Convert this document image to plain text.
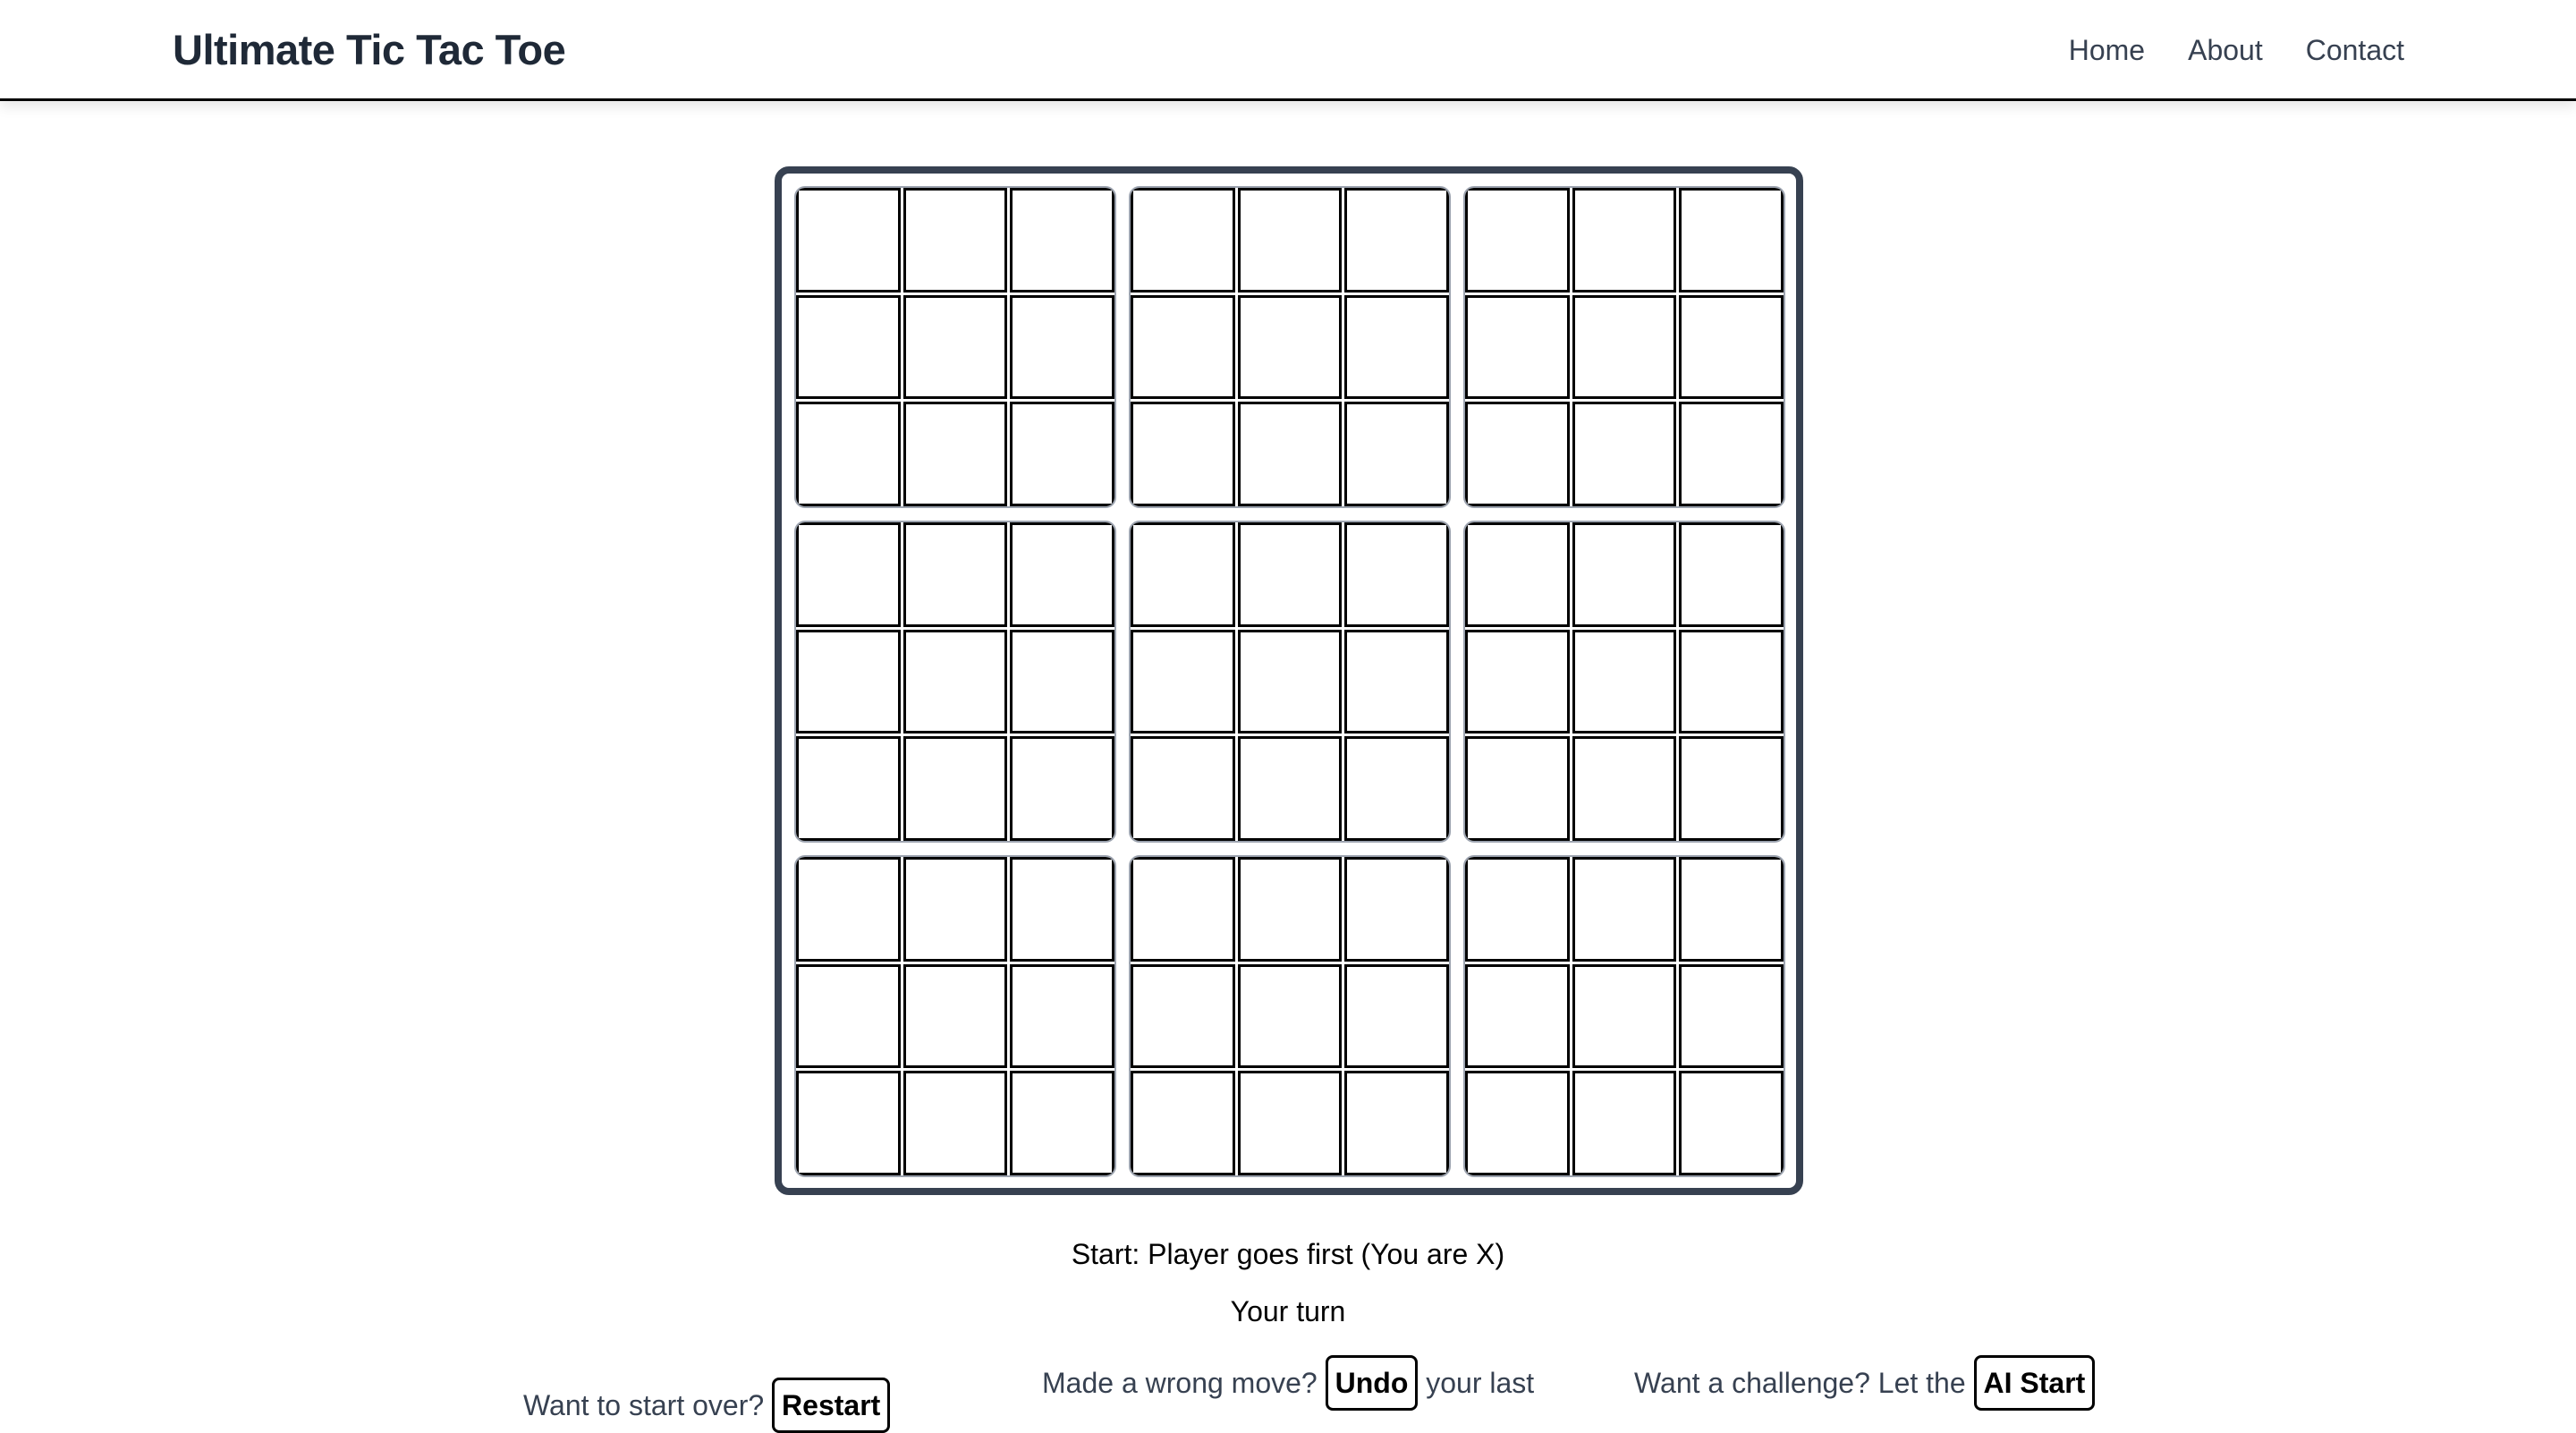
Ultimate Tic Tac Toe	Home About Contact
Start: Player goes first (You are X)
Your turn
Want to start over? Restart
Made a wrong move? Undo your last	Want a challenge? Let the AI Start
